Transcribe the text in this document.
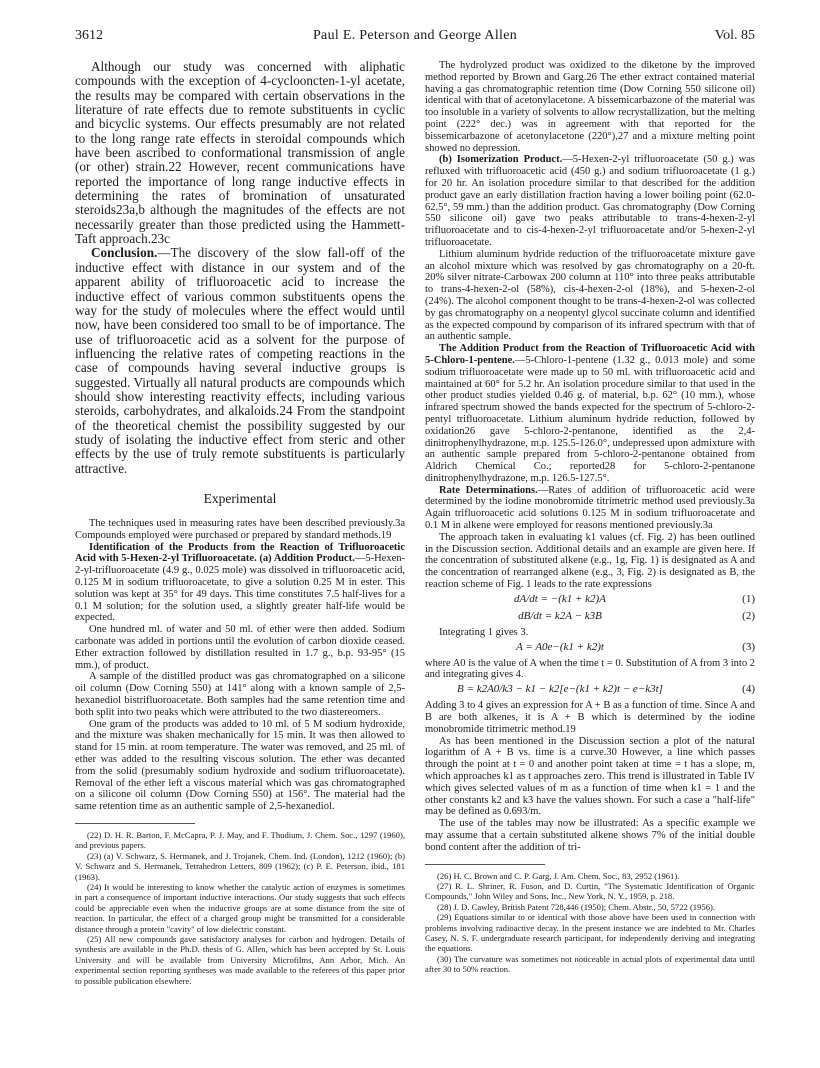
3612	Paul E. Peterson and George Allen	Vol. 85

Although our study was concerned with aliphatic compounds with the exception of 4-cyclooncten-1-yl acetate, the results may be compared with certain observations in the literature of rate effects due to remote substituents in cyclic and bicyclic systems. Our effects presumably are not related to the long range rate effects in steroidal compounds which have been ascribed to conformational transmission of angle (or other) strain.22 However, recent communications have reported the importance of long range inductive effects in determining the rates of bromination of unsaturated steroids23a,b although the magnitudes of the effects are not necessarily greater than those predicted using the Hammett-Taft approach.23c

Conclusion.—The discovery of the slow fall-off of the inductive effect with distance in our system and of the apparent ability of trifluoroacetic acid to increase the inductive effect of various common substituents opens the way for the study of molecules where the effect would until now, have been considered too small to be of importance. The use of trifluoroacetic acid as a solvent for the purpose of influencing the relative rates of competing reactions in the case of compounds having several inductive groups is suggested. Virtually all natural products are compounds which should show interesting reactivity effects, including various steroids, carbohydrates, and alkaloids.24 From the standpoint of the theoretical chemist the possibility suggested by our study of isolating the inductive effect from steric and other effects by the use of truly remote substituents is particularly attractive.

Experimental

The techniques used in measuring rates have been described previously.3a Compounds employed were purchased or prepared by standard methods.19

Identification of the Products from the Reaction of Trifluoroacetic Acid with 5-Hexen-2-yl Trifluoroacetate. (a) Addition Product.—5-Hexen-2-yl-trifluoroacetate (4.9 g., 0.025 mole) was dissolved in trifluoroacetic acid, 0.125 M in sodium trifluoroacetate, to give a solution 0.25 M in ester. This solution was kept at 35° for 49 days. This time constitutes 7.5 half-lives for a 0.1 M solution; for the solution used, a slightly greater half-life would be expected.

One hundred ml. of water and 50 ml. of ether were then added. Sodium carbonate was added in portions until the evolution of carbon dioxide ceased. Ether extraction followed by distillation resulted in 1.7 g., b.p. 93-95° (15 mm.), of product.

A sample of the distilled product was gas chromatographed on a silicone oil column (Dow Corning 550) at 141° along with a known sample of 2,5-hexanediol bistrifluoroacetate. Both samples had the same retention time and both split into two peaks which were attributed to the two diastereomers.

One gram of the products was added to 10 ml. of 5 M sodium hydroxide, and the mixture was shaken mechanically for 15 min. It was then allowed to stand for 15 min. at room temperature. The water was removed, and 25 ml. of ether was added to the resulting viscous solution. The ether was decanted from the solid (presumably sodium hydroxide and sodium trifluoroacetate). Removal of the ether left a viscous material which was gas chromatographed on a silicone oil column (Dow Corning 550) at 156°. The material had the same retention time as an authentic sample of 2,5-hexanediol.

(22) D. H. R. Barton, F. McCapra, P. J. May, and F. Thudium, J. Chem. Soc., 1297 (1960), and previous papers.

(23) (a) V. Schwarz, S. Hermanek, and J. Trojanek, Chem. Ind. (London), 1212 (1960); (b) V. Schwarz and S. Hermanek, Tetrahedron Letters, 809 (1962); (c) P. E. Peterson, ibid., 181 (1963).

(24) It would be interesting to know whether the catalytic action of enzymes is sometimes in part a consequence of important inductive interactions. Our study suggests that such effects could be appreciable even when the inductive groups are at some distance from the site of reaction. In particular, the effect of a charged group might be transmitted for a considerable distance through a protein "cavity" of low dielectric constant.

(25) All new compounds gave satisfactory analyses for carbon and hydrogen. Details of synthesis are available in the Ph.D. thesis of G. Allen, which has been accepted by St. Louis University and will be available from University Microfilms, Ann Arbor, Mich. An experimental section reporting syntheses was made available to the referees of this paper prior to possible publication elsewhere.

The hydrolyzed product was oxidized to the diketone by the improved method reported by Brown and Garg.26 The ether extract contained material having a gas chromatographic retention time (Dow Corning 550 silicone oil) identical with that of acetonylacetone. A bissemicarbazone of the material was too insoluble in a variety of solvents to allow recrystallization, but the melting point (222° dec.) was in agreement with that reported for the bissemicarbazone of acetonylacetone (220°),27 and a mixture melting point showed no depression.

(b) Isomerization Product.—5-Hexen-2-yl trifluoroacetate (50 g.) was refluxed with trifluoroacetic acid (450 g.) and sodium trifluoroacetate (1 g.) for 20 hr. An isolation procedure similar to that described for the addition product gave an early distillation fraction having a lower boiling point (62.0-62.5°, 59 mm.) than the addition product. Gas chromatography (Dow Corning 550 silicone oil) gave two peaks attributable to trans-4-hexen-2-yl trifluoroacetate and to cis-4-hexen-2-yl trifluoroacetate and/or 5-hexen-2-yl trifluoroacetate.

Lithium aluminum hydride reduction of the trifluoroacetate mixture gave an alcohol mixture which was resolved by gas chromatography on a 20-ft. 20% silver nitrate-Carbowax 200 column at 110° into three peaks attributable to trans-4-hexen-2-ol (58%), cis-4-hexen-2-ol (18%), and 5-hexen-2-ol (24%). The alcohol component thought to be trans-4-hexen-2-ol was collected by gas chromatography on a neopentyl glycol succinate column and identified as the expected compound by comparison of its infrared spectrum with that of an authentic sample.

The Addition Product from the Reaction of Trifluoroacetic Acid with 5-Chloro-1-pentene.—5-Chloro-1-pentene (1.32 g., 0.013 mole) and some sodium trifluoroacetate were made up to 50 ml. with trifluoroacetic acid and maintained at 60° for 5.2 hr. An isolation procedure similar to that used in the other product studies yielded 0.46 g. of material, b.p. 62° (10 mm.), whose infrared spectrum showed the bands expected for the spectrum of 5-chloro-2-pentyl trifluoroacetate. Lithium aluminum hydride reduction, followed by oxidation26 gave 5-chloro-2-pentanone, identified as the 2,4-dinitrophenylhydrazone, m.p. 125.5-126.0°, undepressed upon admixture with an authentic sample prepared from 5-chloro-2-pentanone obtained from Aldrich Chemical Co.; reported28 for 5-chloro-2-pentanone dinitrophenylhydrazone, m.p. 126.5-127.5°.

Rate Determinations.—Rates of addition of trifluoroacetic acid were determined by the iodine monobromide titrimetric method used previously.3a Again trifluoroacetic acid solutions 0.125 M in sodium trifluoroacetate and 0.1 M in alkene were employed for reasons mentioned previously.3a

The approach taken in evaluating k1 values (cf. Fig. 2) has been outlined in the Discussion section. Additional details and an example are given here. If the concentration of substituted alkene (e.g., 1g, Fig. 1) is designated as A and the concentration of rearranged alkene (e.g., 3, Fig. 2) is designated as B, the reaction scheme of Fig. 1 leads to the rate expressions

dA/dt = −(k1 + k2)A	(1)
dB/dt = k2A − k3B	(2)

Integrating 1 gives 3.

A = A0e−(k1 + k2)t	(3)

where A0 is the value of A when the time t = 0. Substitution of A from 3 into 2 and integrating gives 4.

B = k2A0/k3 − k1 − k2[e−(k1 + k2)t − e−k3t]	(4)

Adding 3 to 4 gives an expression for A + B as a function of time. Since A and B are both alkenes, it is A + B which is determined by the iodine monobromide titrimetric method.19

As has been mentioned in the Discussion section a plot of the natural logarithm of A + B vs. time is a curve.30 However, a line which passes through the point at t = 0 and another point taken at time = t has a slope, m, which approaches k1 as t approaches zero. This trend is illustrated in Table IV which gives selected values of m as a function of time when k1 = 1 and the other constants k2 and k3 have the values shown. For such a case a "half-life" may be defined as 0.693/m.

The use of the tables may now be illustrated: As a specific example we may assume that a certain substituted alkene shows 7% of the initial double bond content after the addition of tri-

(26) H. C. Brown and C. P. Garg, J. Am. Chem. Soc., 83, 2952 (1961).

(27) R. L. Shriner, R. Fuson, and D. Curtin, "The Systematic Identification of Organic Compounds," John Wiley and Sons, Inc., New York, N. Y., 1959, p. 218.

(28) J. D. Cawley, British Patent 728,446 (1950); Chem. Abstr., 50, 5722 (1956).

(29) Equations similar to or identical with those above have been used in connection with problems involving radioactive decay. In the present instance we are indebted to Mr. Charles Casey, N. S. F. undergraduate research participant, for independently deriving and integrating the equations.

(30) The curvature was sometimes not noticeable in actual plots of experimental data until after 30 to 50% reaction.
